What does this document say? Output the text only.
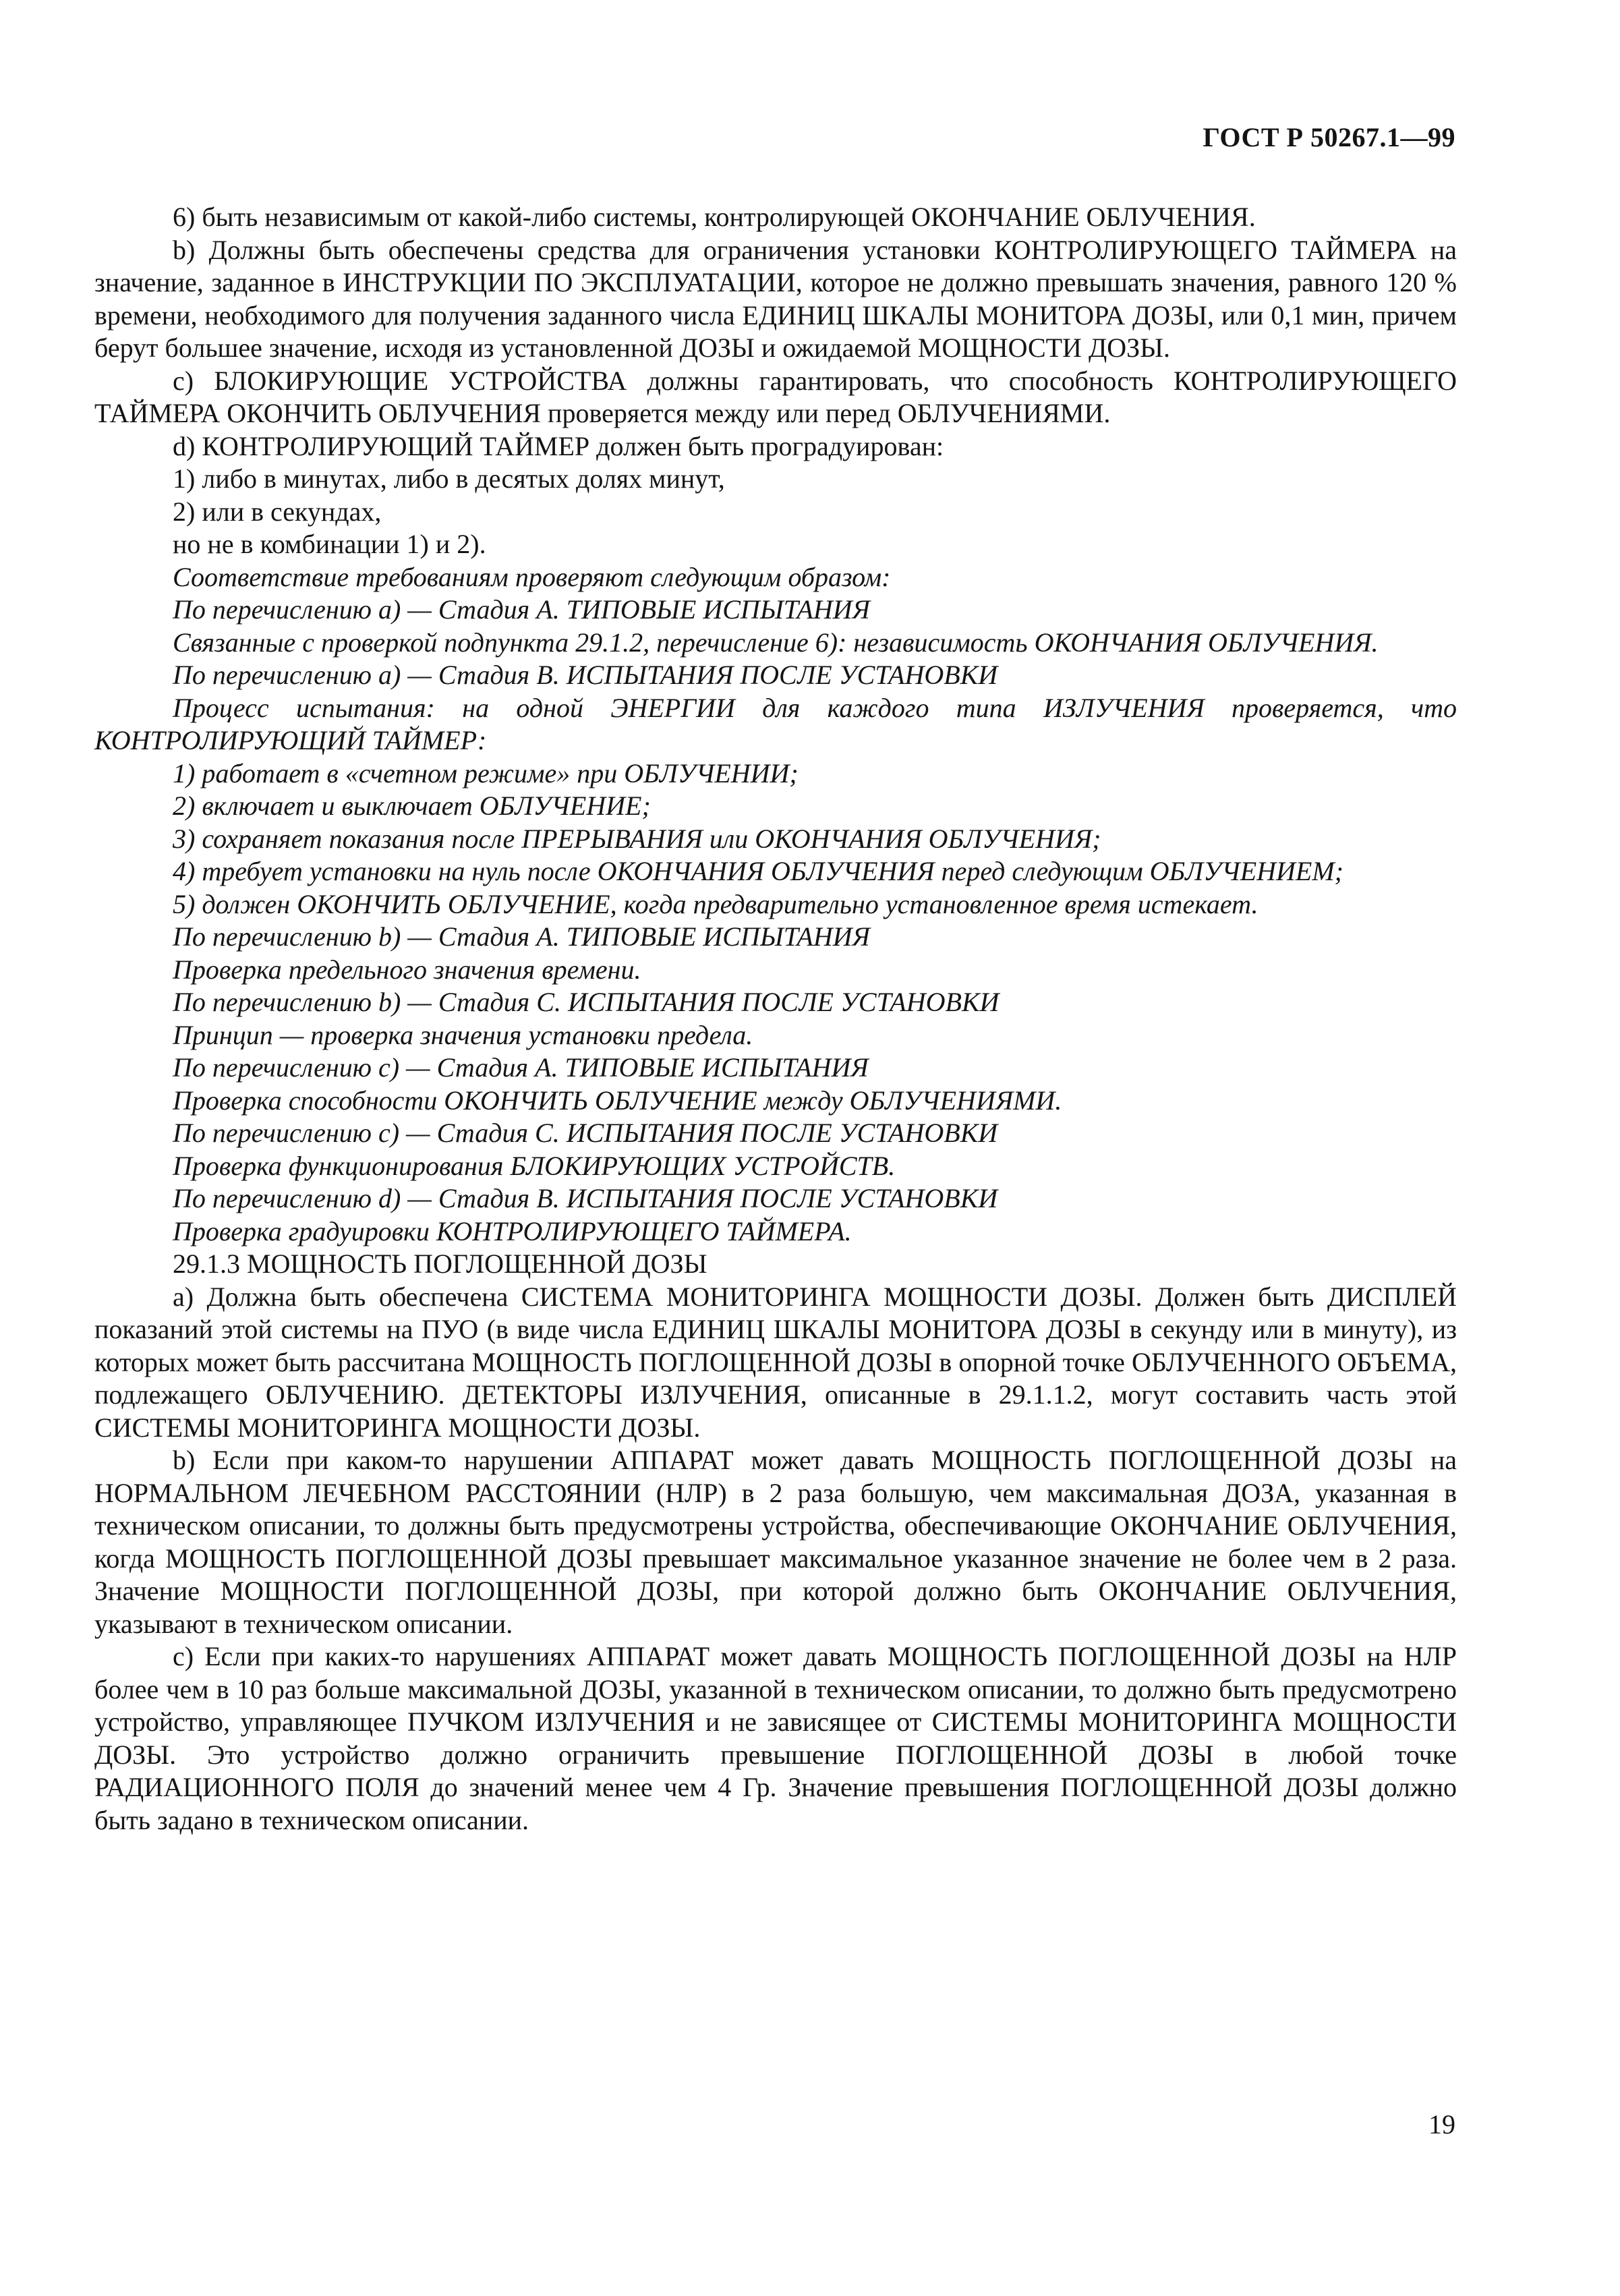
ГОСТ Р 50267.1—99

6) быть независимым от какой-либо системы, контролирующей ОКОНЧАНИЕ ОБЛУЧЕНИЯ.

b) Должны быть обеспечены средства для ограничения установки КОНТРОЛИРУЮЩЕГО ТАЙМЕРА на значение, заданное в ИНСТРУКЦИИ ПО ЭКСПЛУАТАЦИИ, которое не должно превышать значения, равного 120 % времени, необходимого для получения заданного числа ЕДИНИЦ ШКАЛЫ МОНИТОРА ДОЗЫ, или 0,1 мин, причем берут большее значение, исходя из установленной ДОЗЫ и ожидаемой МОЩНОСТИ ДОЗЫ.

c) БЛОКИРУЮЩИЕ УСТРОЙСТВА должны гарантировать, что способность КОНТРОЛИРУЮЩЕГО ТАЙМЕРА ОКОНЧИТЬ ОБЛУЧЕНИЯ проверяется между или перед ОБЛУЧЕНИЯМИ.

d) КОНТРОЛИРУЮЩИЙ ТАЙМЕР должен быть проградуирован:

1) либо в минутах, либо в десятых долях минут,

2) или в секундах,

но не в комбинации 1) и 2).

Соответствие требованиям проверяют следующим образом:

По перечислению a) — Стадия А. ТИПОВЫЕ ИСПЫТАНИЯ

Связанные с проверкой подпункта 29.1.2, перечисление 6): независимость ОКОНЧАНИЯ ОБЛУЧЕНИЯ.

По перечислению a) — Стадия В. ИСПЫТАНИЯ ПОСЛЕ УСТАНОВКИ

Процесс испытания: на одной ЭНЕРГИИ для каждого типа ИЗЛУЧЕНИЯ проверяется, что КОНТРОЛИРУЮЩИЙ ТАЙМЕР:

1) работает в «счетном режиме» при ОБЛУЧЕНИИ;

2) включает и выключает ОБЛУЧЕНИЕ;

3) сохраняет показания после ПРЕРЫВАНИЯ или ОКОНЧАНИЯ ОБЛУЧЕНИЯ;

4) требует установки на нуль после ОКОНЧАНИЯ ОБЛУЧЕНИЯ перед следующим ОБЛУЧЕНИЕМ;

5) должен ОКОНЧИТЬ ОБЛУЧЕНИЕ, когда предварительно установленное время истекает.

По перечислению b) — Стадия А. ТИПОВЫЕ ИСПЫТАНИЯ

Проверка предельного значения времени.

По перечислению b) — Стадия С. ИСПЫТАНИЯ ПОСЛЕ УСТАНОВКИ

Принцип — проверка значения установки предела.

По перечислению c) — Стадия А. ТИПОВЫЕ ИСПЫТАНИЯ

Проверка способности ОКОНЧИТЬ ОБЛУЧЕНИЕ между ОБЛУЧЕНИЯМИ.

По перечислению c) — Стадия С. ИСПЫТАНИЯ ПОСЛЕ УСТАНОВКИ

Проверка функционирования БЛОКИРУЮЩИХ УСТРОЙСТВ.

По перечислению d) — Стадия В. ИСПЫТАНИЯ ПОСЛЕ УСТАНОВКИ

Проверка градуировки КОНТРОЛИРУЮЩЕГО ТАЙМЕРА.

29.1.3 МОЩНОСТЬ ПОГЛОЩЕННОЙ ДОЗЫ

a) Должна быть обеспечена СИСТЕМА МОНИТОРИНГА МОЩНОСТИ ДОЗЫ. Должен быть ДИСПЛЕЙ показаний этой системы на ПУО (в виде числа ЕДИНИЦ ШКАЛЫ МОНИТОРА ДОЗЫ в секунду или в минуту), из которых может быть рассчитана МОЩНОСТЬ ПОГЛОЩЕННОЙ ДОЗЫ в опорной точке ОБЛУЧЕННОГО ОБЪЕМА, подлежащего ОБЛУЧЕНИЮ. ДЕТЕКТОРЫ ИЗЛУЧЕНИЯ, описанные в 29.1.1.2, могут составить часть этой СИСТЕМЫ МОНИТОРИНГА МОЩНОСТИ ДОЗЫ.

b) Если при каком-то нарушении АППАРАТ может давать МОЩНОСТЬ ПОГЛОЩЕННОЙ ДОЗЫ на НОРМАЛЬНОМ ЛЕЧЕБНОМ РАССТОЯНИИ (НЛР) в 2 раза большую, чем максимальная ДОЗА, указанная в техническом описании, то должны быть предусмотрены устройства, обеспечивающие ОКОНЧАНИЕ ОБЛУЧЕНИЯ, когда МОЩНОСТЬ ПОГЛОЩЕННОЙ ДОЗЫ превышает максимальное указанное значение не более чем в 2 раза. Значение МОЩНОСТИ ПОГЛОЩЕННОЙ ДОЗЫ, при которой должно быть ОКОНЧАНИЕ ОБЛУЧЕНИЯ, указывают в техническом описании.

c) Если при каких-то нарушениях АППАРАТ может давать МОЩНОСТЬ ПОГЛОЩЕННОЙ ДОЗЫ на НЛР более чем в 10 раз больше максимальной ДОЗЫ, указанной в техническом описании, то должно быть предусмотрено устройство, управляющее ПУЧКОМ ИЗЛУЧЕНИЯ и не зависящее от СИСТЕМЫ МОНИТОРИНГА МОЩНОСТИ ДОЗЫ. Это устройство должно ограничить превышение ПОГЛОЩЕННОЙ ДОЗЫ в любой точке РАДИАЦИОННОГО ПОЛЯ до значений менее чем 4 Гр. Значение превышения ПОГЛОЩЕННОЙ ДОЗЫ должно быть задано в техническом описании.

19
